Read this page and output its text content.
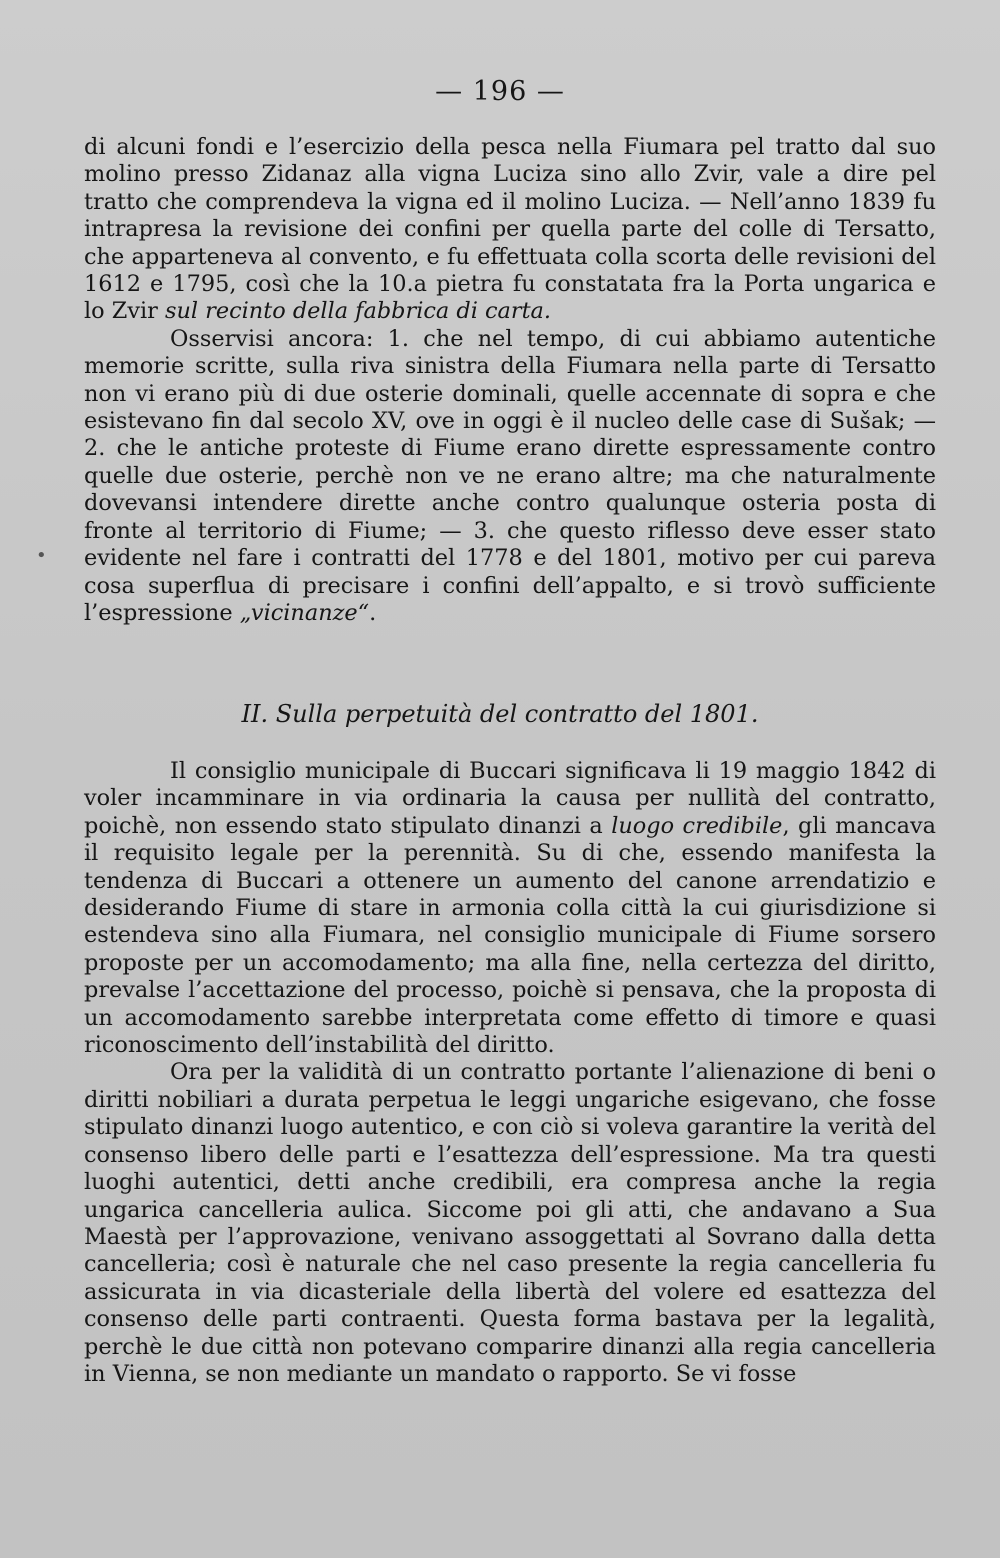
— 196 —

di alcuni fondi e l’esercizio della pesca nella Fiumara pel tratto dal suo molino presso Zidanaz alla vigna Luciza sino allo Zvir, vale a dire pel tratto che comprendeva la vigna ed il molino Luciza. — Nell’anno 1839 fu intrapresa la revisione dei confini per quella parte del colle di Tersatto, che apparteneva al convento, e fu effettuata colla scorta delle revisioni del 1612 e 1795, così che la 10.a pietra fu constatata fra la Porta ungarica e lo Zvir sul recinto della fabbrica di carta.

Osservisi ancora: 1. che nel tempo, di cui abbiamo autentiche memorie scritte, sulla riva sinistra della Fiumara nella parte di Tersatto non vi erano più di due osterie dominali, quelle accennate di sopra e che esistevano fin dal secolo XV, ove in oggi è il nucleo delle case di Sušak; — 2. che le antiche proteste di Fiume erano dirette espressamente contro quelle due osterie, perchè non ve ne erano altre; ma che naturalmente dovevansi intendere dirette anche contro qualunque osteria posta di fronte al territorio di Fiume; — 3. che questo riflesso deve esser stato evidente nel fare i contratti del 1778 e del 1801, motivo per cui pareva cosa superflua di precisare i confini dell’appalto, e si trovò sufficiente l’espressione „vicinanze“.

II. Sulla perpetuità del contratto del 1801.

Il consiglio municipale di Buccari significava li 19 maggio 1842 di voler incamminare in via ordinaria la causa per nullità del contratto, poichè, non essendo stato stipulato dinanzi a luogo credibile, gli mancava il requisito legale per la perennità. Su di che, essendo manifesta la tendenza di Buccari a ottenere un aumento del canone arrendatizio e desiderando Fiume di stare in armonia colla città la cui giurisdizione si estendeva sino alla Fiumara, nel consiglio municipale di Fiume sorsero proposte per un accomodamento; ma alla fine, nella certezza del diritto, prevalse l’accettazione del processo, poichè si pensava, che la proposta di un accomodamento sarebbe interpretata come effetto di timore e quasi riconoscimento dell’instabilità del diritto.

Ora per la validità di un contratto portante l’alienazione di beni o diritti nobiliari a durata perpetua le leggi ungariche esigevano, che fosse stipulato dinanzi luogo autentico, e con ciò si voleva garantire la verità del consenso libero delle parti e l’esattezza dell’espressione. Ma tra questi luoghi autentici, detti anche credibili, era compresa anche la regia ungarica cancelleria aulica. Siccome poi gli atti, che andavano a Sua Maestà per l’approvazione, venivano assoggettati al Sovrano dalla detta cancelleria; così è naturale che nel caso presente la regia cancelleria fu assicurata in via dicasteriale della libertà del volere ed esattezza del consenso delle parti contraenti. Questa forma bastava per la legalità, perchè le due città non potevano comparire dinanzi alla regia cancelleria in Vienna, se non mediante un mandato o rapporto. Se vi fosse

•
